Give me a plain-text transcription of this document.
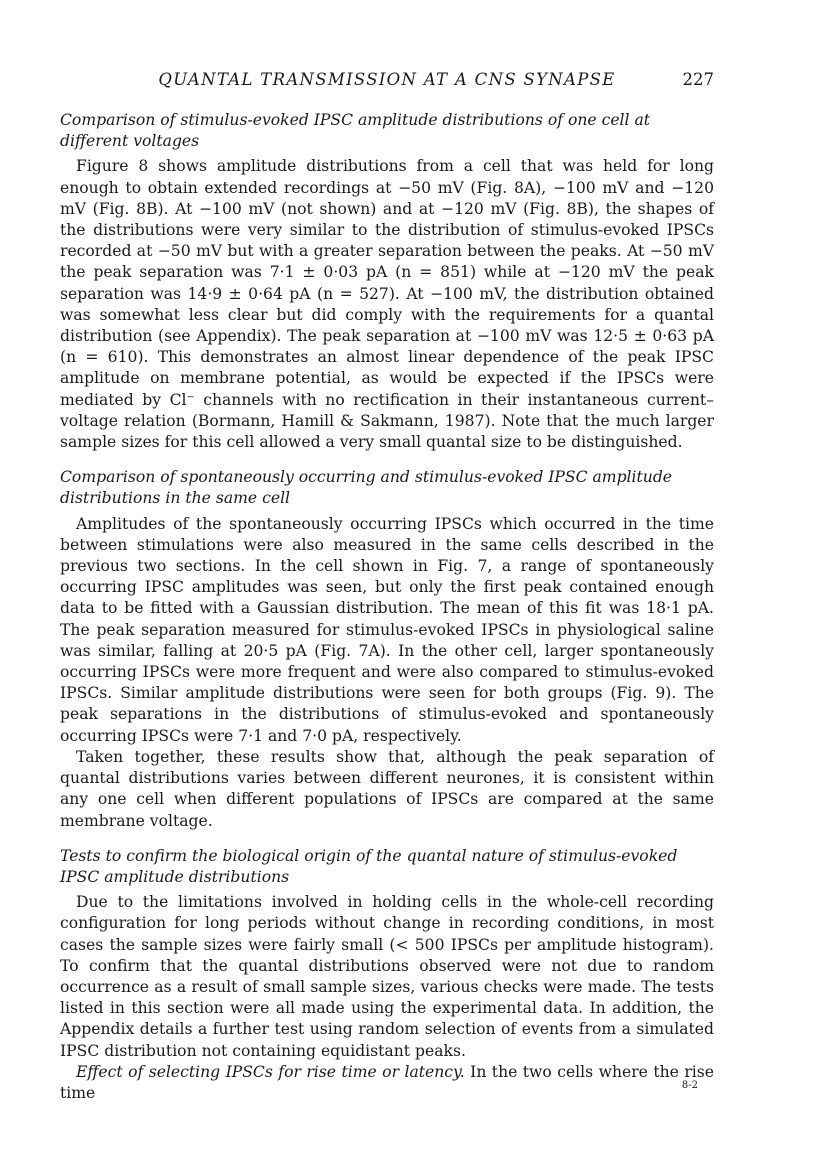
QUANTAL TRANSMISSION AT A CNS SYNAPSE	227

Comparison of stimulus-evoked IPSC amplitude distributions of one cell at different voltages

Figure 8 shows amplitude distributions from a cell that was held for long enough to obtain extended recordings at −50 mV (Fig. 8A), −100 mV and −120 mV (Fig. 8B). At −100 mV (not shown) and at −120 mV (Fig. 8B), the shapes of the distributions were very similar to the distribution of stimulus-evoked IPSCs recorded at −50 mV but with a greater separation between the peaks. At −50 mV the peak separation was 7·1 ± 0·03 pA (n = 851) while at −120 mV the peak separation was 14·9 ± 0·64 pA (n = 527). At −100 mV, the distribution obtained was somewhat less clear but did comply with the requirements for a quantal distribution (see Appendix). The peak separation at −100 mV was 12·5 ± 0·63 pA (n = 610). This demonstrates an almost linear dependence of the peak IPSC amplitude on membrane potential, as would be expected if the IPSCs were mediated by Cl⁻ channels with no rectification in their instantaneous current–voltage relation (Bormann, Hamill & Sakmann, 1987). Note that the much larger sample sizes for this cell allowed a very small quantal size to be distinguished.

Comparison of spontaneously occurring and stimulus-evoked IPSC amplitude distributions in the same cell

Amplitudes of the spontaneously occurring IPSCs which occurred in the time between stimulations were also measured in the same cells described in the previous two sections. In the cell shown in Fig. 7, a range of spontaneously occurring IPSC amplitudes was seen, but only the first peak contained enough data to be fitted with a Gaussian distribution. The mean of this fit was 18·1 pA. The peak separation measured for stimulus-evoked IPSCs in physiological saline was similar, falling at 20·5 pA (Fig. 7A). In the other cell, larger spontaneously occurring IPSCs were more frequent and were also compared to stimulus-evoked IPSCs. Similar amplitude distributions were seen for both groups (Fig. 9). The peak separations in the distributions of stimulus-evoked and spontaneously occurring IPSCs were 7·1 and 7·0 pA, respectively.

Taken together, these results show that, although the peak separation of quantal distributions varies between different neurones, it is consistent within any one cell when different populations of IPSCs are compared at the same membrane voltage.

Tests to confirm the biological origin of the quantal nature of stimulus-evoked IPSC amplitude distributions

Due to the limitations involved in holding cells in the whole-cell recording configuration for long periods without change in recording conditions, in most cases the sample sizes were fairly small (< 500 IPSCs per amplitude histogram). To confirm that the quantal distributions observed were not due to random occurrence as a result of small sample sizes, various checks were made. The tests listed in this section were all made using the experimental data. In addition, the Appendix details a further test using random selection of events from a simulated IPSC distribution not containing equidistant peaks.

Effect of selecting IPSCs for rise time or latency. In the two cells where the rise time	8-2
